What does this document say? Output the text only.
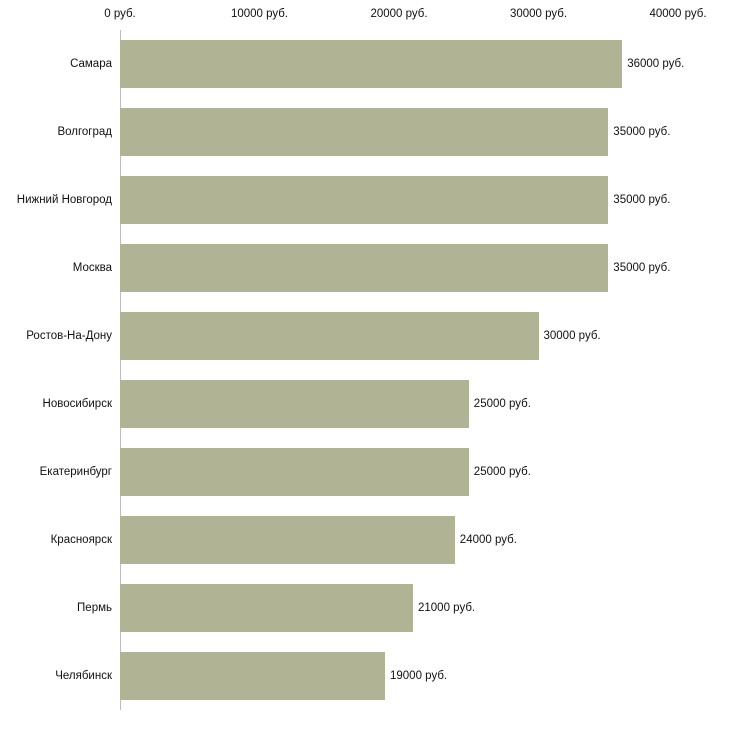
0 руб.	10000 руб.	20000 руб.	30000 руб.	40000 руб.
Самара
Волгоград
Нижний Новгород
Москва
Ростов-На-Дону
Новосибирск
Екатеринбург
Красноярск
Пермь
Челябинск
36000 руб.
35000 руб.
35000 руб.
35000 руб.
30000 руб.
25000 руб.
25000 руб.
24000 руб.
21000 руб.
19000 руб.
